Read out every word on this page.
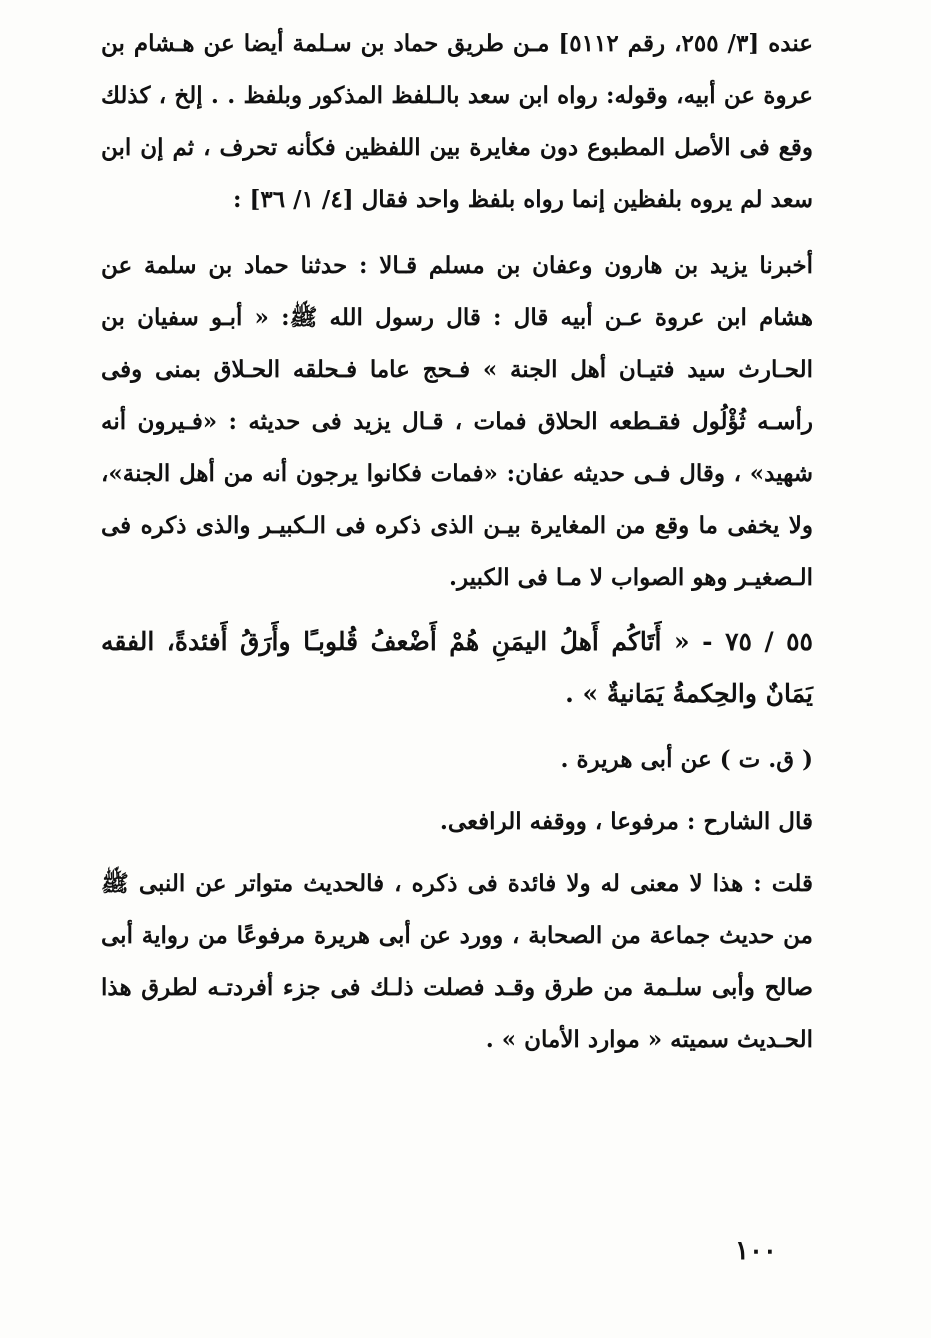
عنده [٣/ ٢٥٥، رقم ٥١١٢] مـن طريق حماد بن سـلمة أيضا عن هـشام بن عروة عن أبيه، وقوله: رواه ابن سعد بالـلفظ المذكور وبلفظ . . إلخ ، كذلك وقع فى الأصل المطبوع دون مغايرة بين اللفظين فكأنه تحرف ، ثم إن ابن سعد لم يروه بلفظين إنما رواه بلفظ واحد فقال [٤/ ١/ ٣٦] :

أخبرنا يزيد بن هارون وعفان بن مسلم قـالا : حدثنا حماد بن سلمة عن هشام ابن عروة عـن أبيه قال : قال رسول الله ﷺ: « أبـو سفيان بن الحـارث سيد فتيـان أهل الجنة » فـحج عاما فـحلقه الحـلاق بمنى وفى رأسـه ثُؤْلُول فقـطعه الحلاق فمات ، قـال يزيد فى حديثه : «فـيرون أنه شهيد» ، وقال فـى حديثه عفان: «فمات فكانوا يرجون أنه من أهل الجنة»، ولا يخفى ما وقع من المغايرة بيـن الذى ذكره فى الـكبيـر والذى ذكره فى الـصغيـر وهو الصواب لا مـا فى الكبير.

٥٥ / ٧٥ - « أَتَاكُم أَهلُ اليمَنِ هُمْ أَضْعفُ قُلوبـًا وأَرَقُ أَفئدةً، الفقه يَمَانٌ والحِكمةُ يَمَانيةٌ » .

( ق. ت ) عن أبى هريرة .

قال الشارح : مرفوعا ، ووقفه الرافعى.

قلت : هذا لا معنى له ولا فائدة فى ذكره ، فالحديث متواتر عن النبى ﷺ من حديث جماعة من الصحابة ، وورد عن أبى هريرة مرفوعًا من رواية أبى صالح وأبى سلـمة من طرق وقـد فصلت ذلـك فى جزء أفردتـه لطرق هذا الحـديث سميته « موارد الأمان » .

١٠٠
